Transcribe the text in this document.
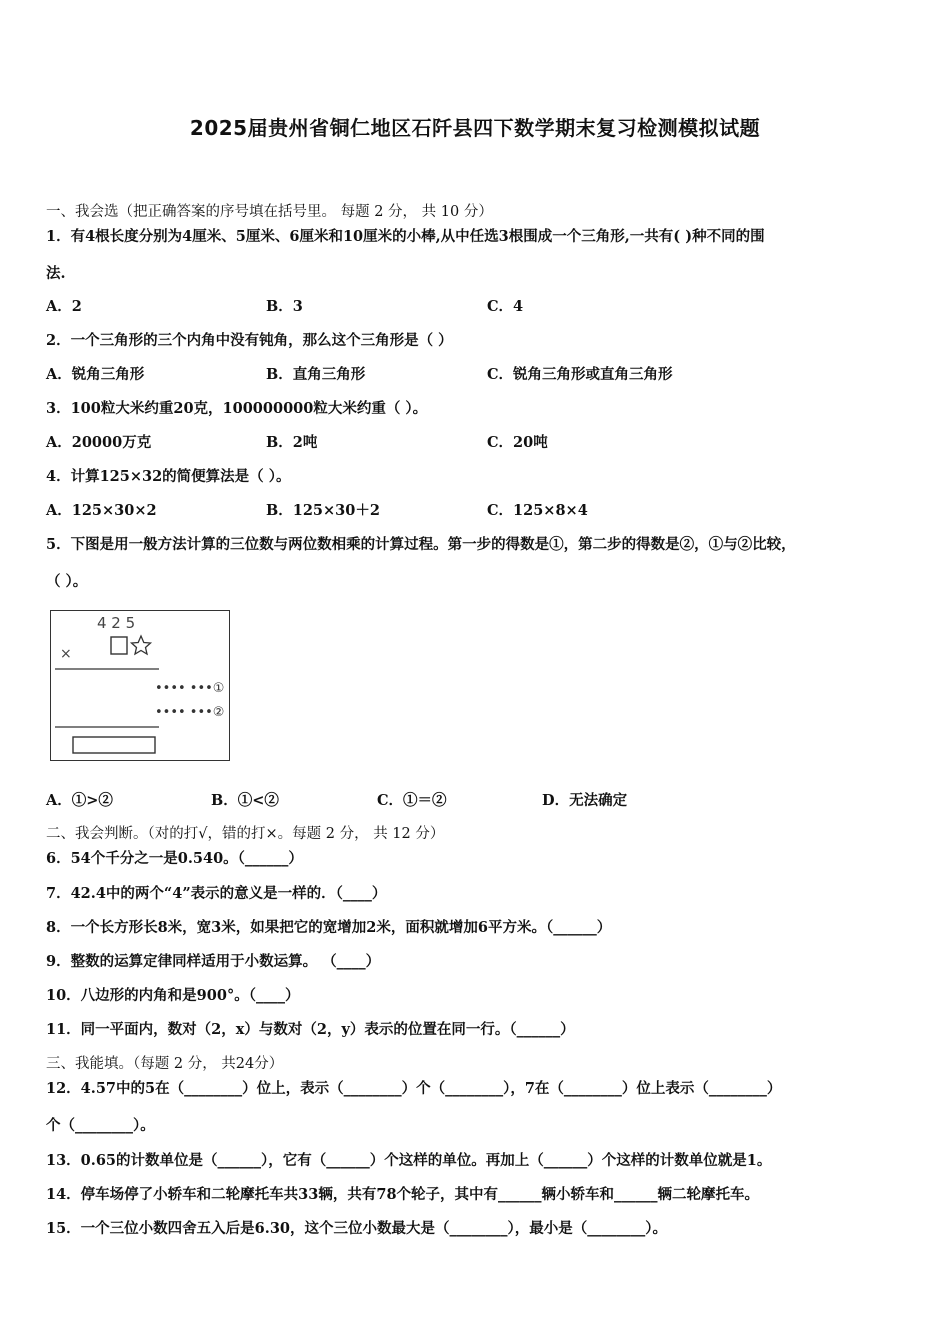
2025届贵州省铜仁地区石阡县四下数学期末复习检测模拟试题
一、我会选（把正确答案的序号填在括号里。 每题 2 分， 共 10 分）
1．有4根长度分别为4厘米、5厘米、6厘米和10厘米的小棒,从中任选3根围成一个三角形,一共有( )种不同的围
法.
A．2	B．3	C．4
2．一个三角形的三个内角中没有钝角，那么这个三角形是（ ）
A．锐角三角形	B．直角三角形	C．锐角三角形或直角三角形
3．100粒大米约重20克，100000000粒大米约重（ ）。
A．20000万克	B．2吨	C．20吨
4．计算125×32的简便算法是（ ）。
A．125×30×2	B．125×30＋2	C．125×8×4
5．下图是用一般方法计算的三位数与两位数相乘的计算过程。第一步的得数是①，第二步的得数是②，①与②比较，
（ ）。
4 2 5
×
•••• •••①
•••• •••②
A．①>②	B．①<②	C．①＝②	D．无法确定
二、我会判断。（对的打√，错的打×。每题 2 分， 共 12 分）
6．54个千分之一是0.540。（______）
7．42.4中的两个“4”表示的意义是一样的．（____）
8．一个长方形长8米，宽3米，如果把它的宽增加2米，面积就增加6平方米。（______）
9．整数的运算定律同样适用于小数运算。 （____）
10．八边形的内角和是900°。（____）
11．同一平面内，数对（2，x）与数对（2，y）表示的位置在同一行。（______）
三、我能填。（每题 2 分， 共24分）
12．4.57中的5在（________）位上，表示（________）个（________），7在（________）位上表示（________）
个（________）。
13．0.65的计数单位是（______），它有（______）个这样的单位。再加上（______）个这样的计数单位就是1。
14．停车场停了小轿车和二轮摩托车共33辆，共有78个轮子，其中有______辆小轿车和______辆二轮摩托车。
15．一个三位小数四舍五入后是6.30，这个三位小数最大是（________），最小是（________）。
